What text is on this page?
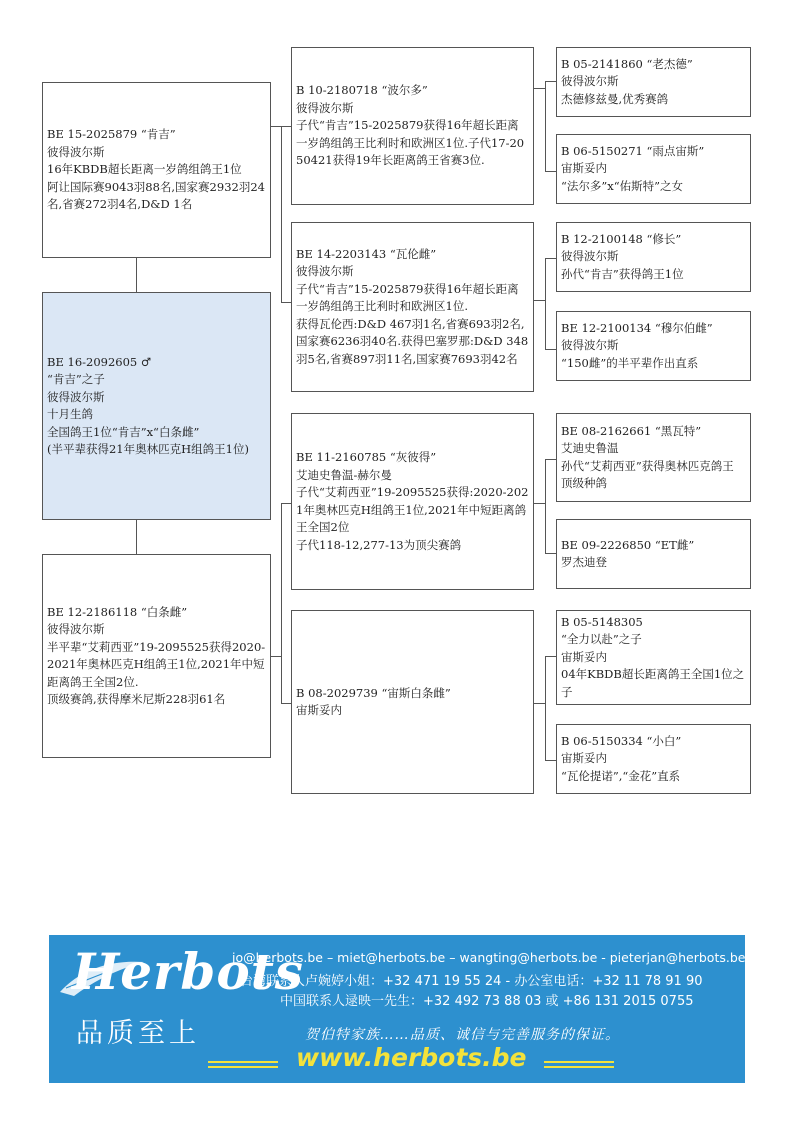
BE 15-2025879 “肯吉”
彼得波尔斯
16年KBDB超长距离一岁鸽组鸽王1位
阿让国际赛9043羽88名,国家赛2932羽24名,省赛272羽4名,D&D 1名
BE 16-2092605 ♂
“肯吉”之子
彼得波尔斯
十月生鸽
全国鸽王1位“肯吉”x“白条雌”
(半平辈获得21年奥林匹克H组鸽王1位)
BE 12-2186118 “白条雌”
彼得波尔斯
半平辈“艾莉西亚”19-2095525获得2020-2021年奥林匹克H组鸽王1位,2021年中短距离鸽王全国2位.
顶级赛鸽,获得摩米尼斯228羽61名
B 10-2180718 “波尔多”
彼得波尔斯
子代“肯吉”15-2025879获得16年超长距离一岁鸽组鸽王比利时和欧洲区1位.子代17-2050421获得19年长距离鸽王省赛3位.
BE 14-2203143 “瓦伦雌”
彼得波尔斯
子代“肯吉”15-2025879获得16年超长距离一岁鸽组鸽王比利时和欧洲区1位.
获得瓦伦西:D&D 467羽1名,省赛693羽2名,国家赛6236羽40名.获得巴塞罗那:D&D 348羽5名,省赛897羽11名,国家赛7693羽42名
BE 11-2160785 “灰彼得”
艾迪史鲁温-赫尔曼
子代“艾莉西亚”19-2095525获得:2020-2021年奥林匹克H组鸽王1位,2021年中短距离鸽王全国2位
子代118-12,277-13为顶尖赛鸽
B 08-2029739 “宙斯白条雌”
宙斯妥内
B 05-2141860 “老杰德”
彼得波尔斯
杰德修兹曼,优秀赛鸽
B 06-5150271 “雨点宙斯”
宙斯妥内
“法尔多”x“佑斯特”之女
B 12-2100148 “修长”
彼得波尔斯
孙代“肯吉”获得鸽王1位
BE 12-2100134 “穆尔伯雌”
彼得波尔斯
“150雌”的半平辈作出直系
BE 08-2162661 “黑瓦特”
艾迪史鲁温
孙代“艾莉西亚”获得奥林匹克鸽王
顶级种鸽
BE 09-2226850 “ET雌”
罗杰迪登
B 05-5148305
“全力以赴”之子
宙斯妥内
04年KBDB超长距离鸽王全国1位之子
B 06-5150334 “小白”
宙斯妥内
“瓦伦提诺”,“金花”直系
Herbots
品质至上
jo@herbots.be – miet@herbots.be – wangting@herbots.be - pieterjan@herbots.be
台湾联系人卢婉婷小姐：+32 471 19 55 24 - 办公室电话：+32 11 78 91 90
中国联系人逯映一先生：+32 492 73 88 03 或 +86 131 2015 0755
贺伯特家族……品质、诚信与完善服务的保证。
www.herbots.be
